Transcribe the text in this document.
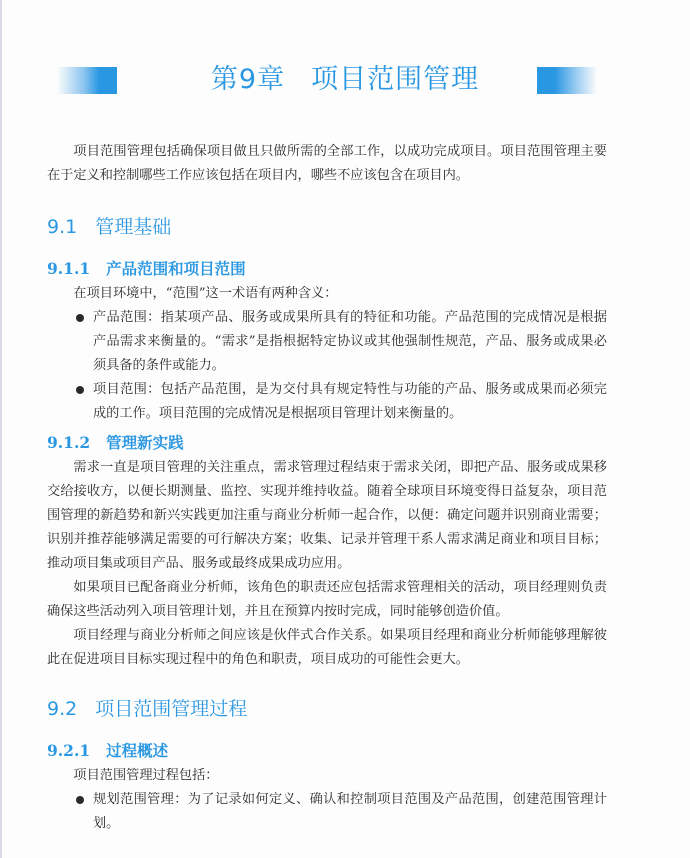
第9章 项目范围管理

项目范围管理包括确保项目做且只做所需的全部工作，以成功完成项目。项目范围管理主要在于定义和控制哪些工作应该包括在项目内，哪些不应该包含在项目内。

9.1 管理基础
9.1.1 产品范围和项目范围

在项目环境中，“范围”这一术语有两种含义：

产品范围：指某项产品、服务或成果所具有的特征和功能。产品范围的完成情况是根据产品需求来衡量的。“需求”是指根据特定协议或其他强制性规范，产品、服务或成果必须具备的条件或能力。
项目范围：包括产品范围，是为交付具有规定特性与功能的产品、服务或成果而必须完成的工作。项目范围的完成情况是根据项目管理计划来衡量的。
9.1.2 管理新实践

需求一直是项目管理的关注重点，需求管理过程结束于需求关闭，即把产品、服务或成果移交给接收方，以便长期测量、监控、实现并维持收益。随着全球项目环境变得日益复杂，项目范围管理的新趋势和新兴实践更加注重与商业分析师一起合作，以便：确定问题并识别商业需要；识别并推荐能够满足需要的可行解决方案；收集、记录并管理干系人需求满足商业和项目目标；推动项目集或项目产品、服务或最终成果成功应用。

如果项目已配备商业分析师，该角色的职责还应包括需求管理相关的活动，项目经理则负责确保这些活动列入项目管理计划，并且在预算内按时完成，同时能够创造价值。

项目经理与商业分析师之间应该是伙伴式合作关系。如果项目经理和商业分析师能够理解彼此在促进项目目标实现过程中的角色和职责，项目成功的可能性会更大。

9.2 项目范围管理过程
9.2.1 过程概述

项目范围管理过程包括：

规划范围管理：为了记录如何定义、确认和控制项目范围及产品范围，创建范围管理计划。
